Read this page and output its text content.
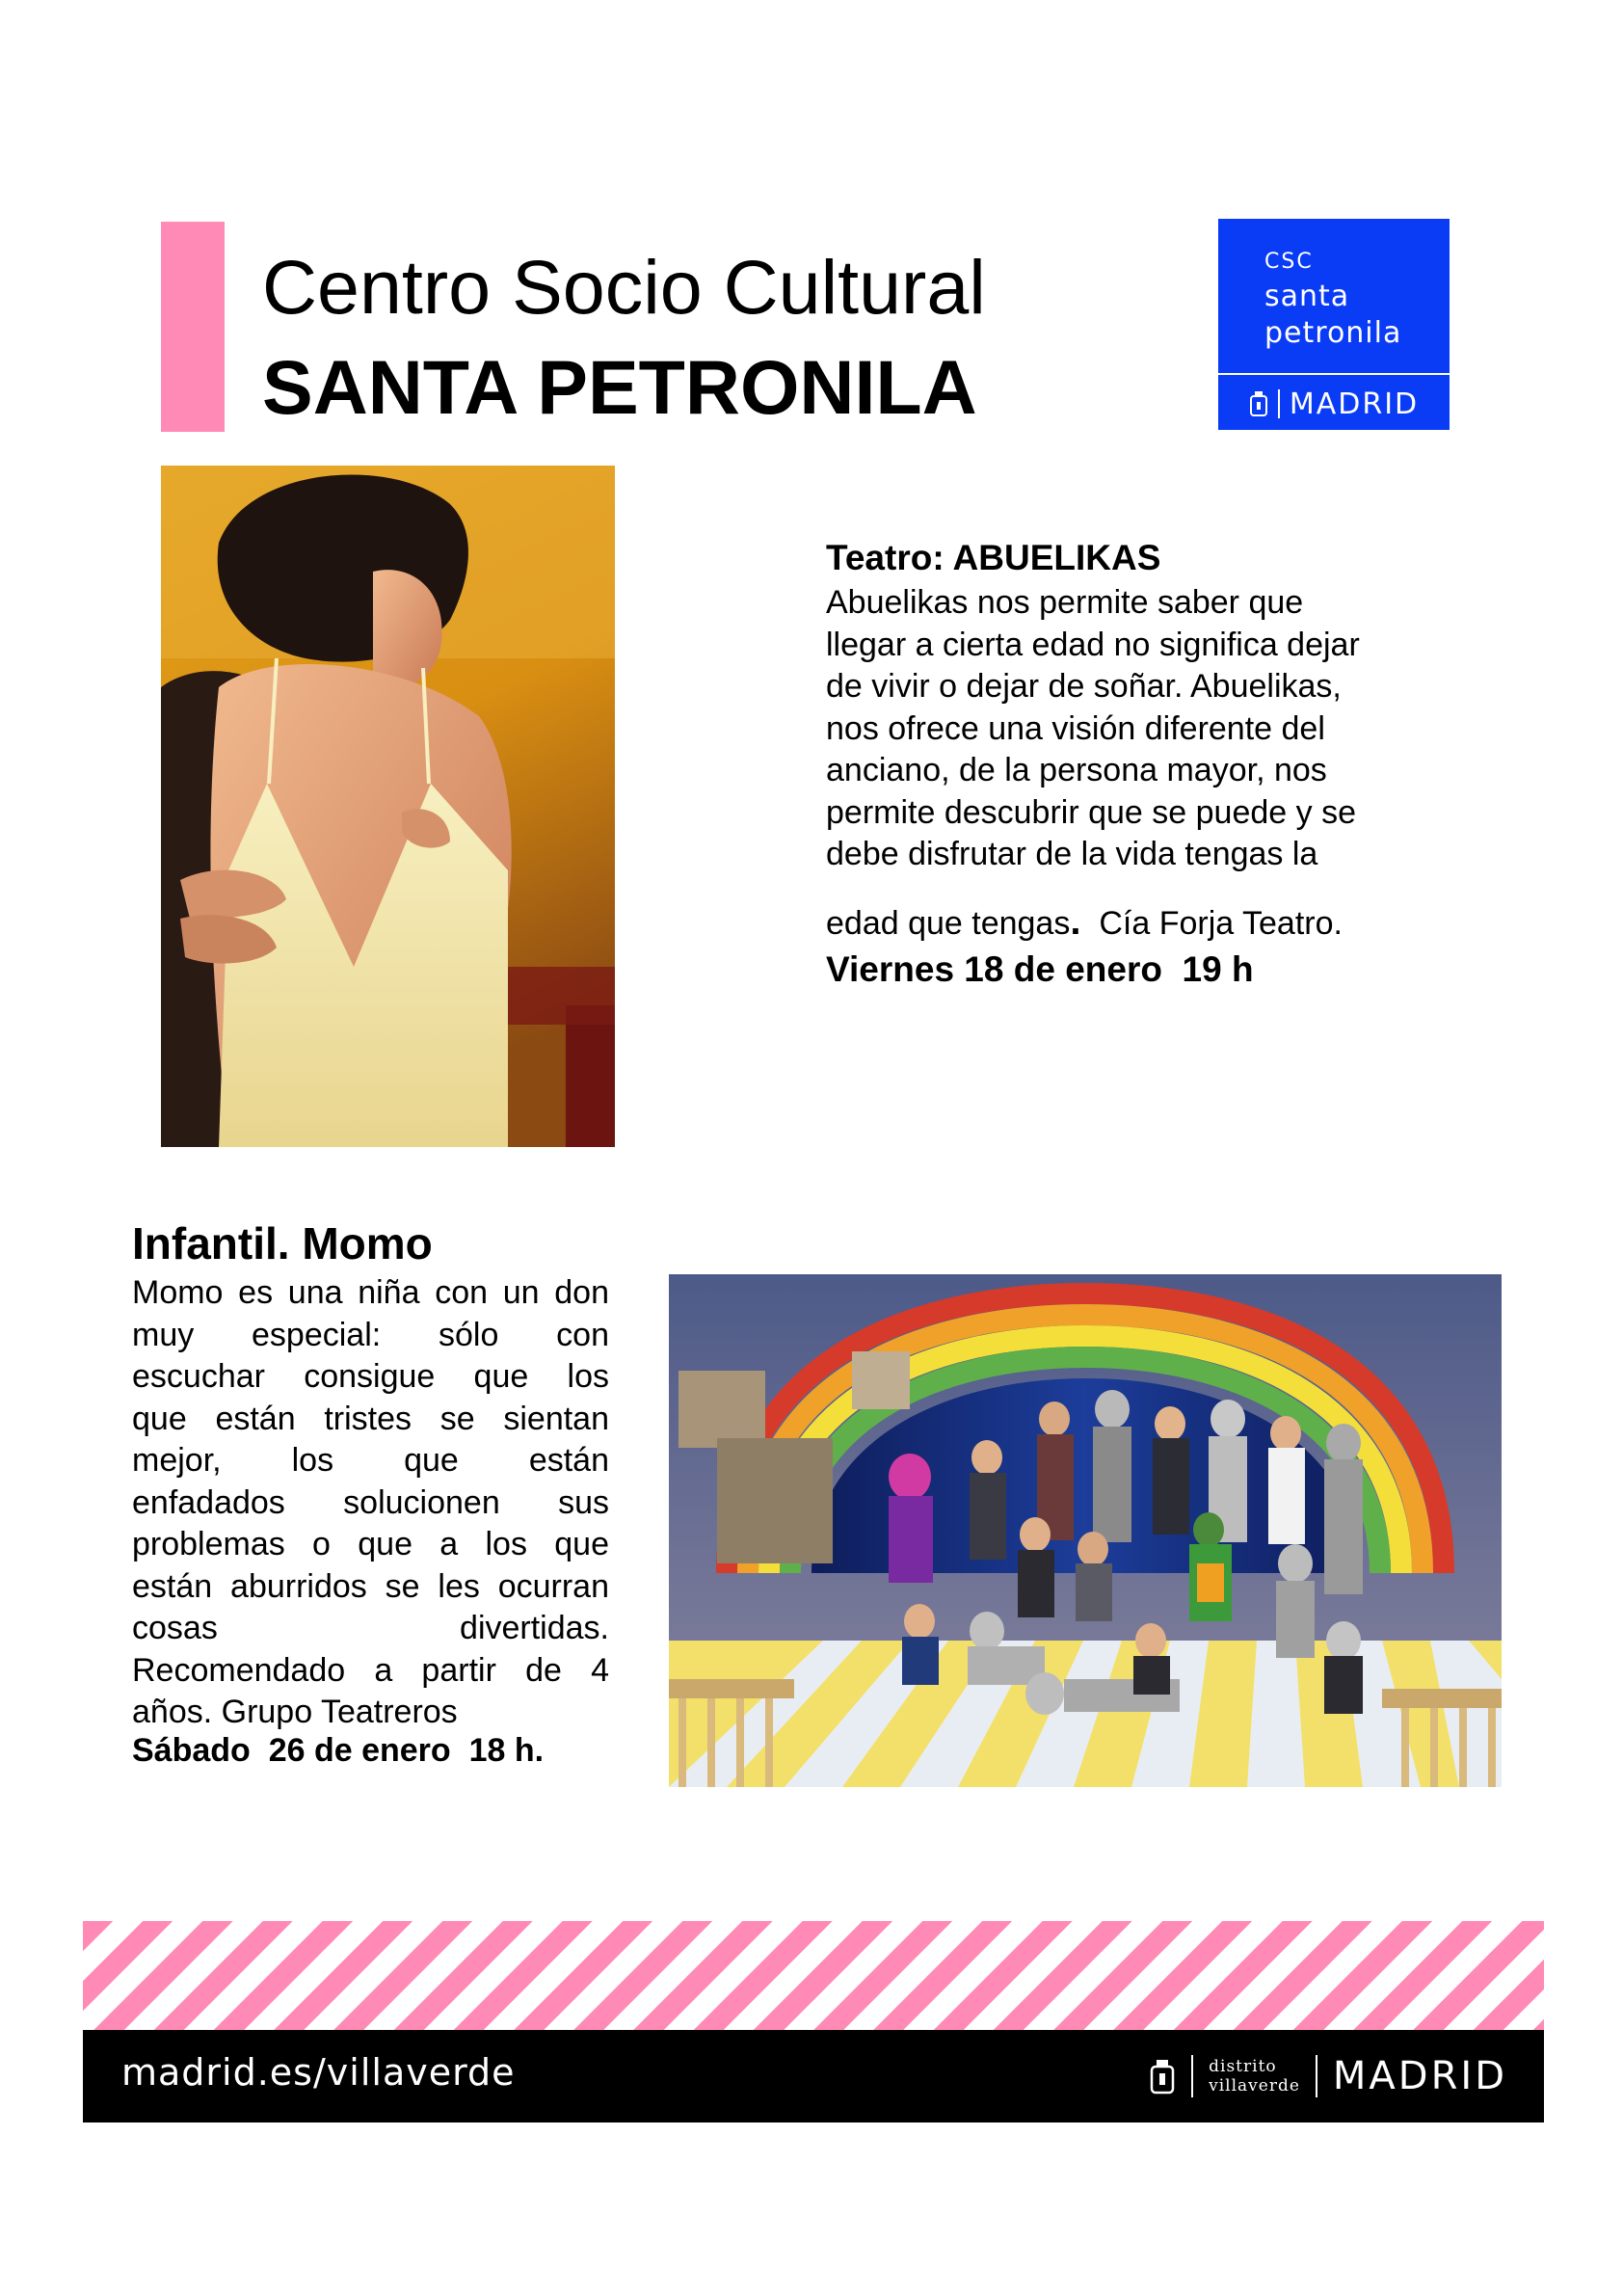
Centro Socio Cultural
SANTA PETRONILA
CSC
santa
petronila
MADRID
Teatro: ABUELIKAS
Abuelikas nos permite saber que
llegar a cierta edad no significa dejar
de vivir o dejar de soñar. Abuelikas,
nos ofrece una visión diferente del
anciano, de la persona mayor, nos
permite descubrir que se puede y se
debe disfrutar de la vida tengas la
edad que tengas.  Cía Forja Teatro.
Viernes 18 de enero  19 h
Infantil. Momo
Momo es una niña con un don
muy especial: sólo con
escuchar consigue que los
que están tristes se sientan
mejor, los que están
enfadados solucionen sus
problemas o que a los que
están aburridos se les ocurran
cosas divertidas.
Recomendado a partir de 4
años. Grupo Teatreros
Sábado  26 de enero  18 h.
madrid.es/villaverde	distrito
villaverde MADRID
